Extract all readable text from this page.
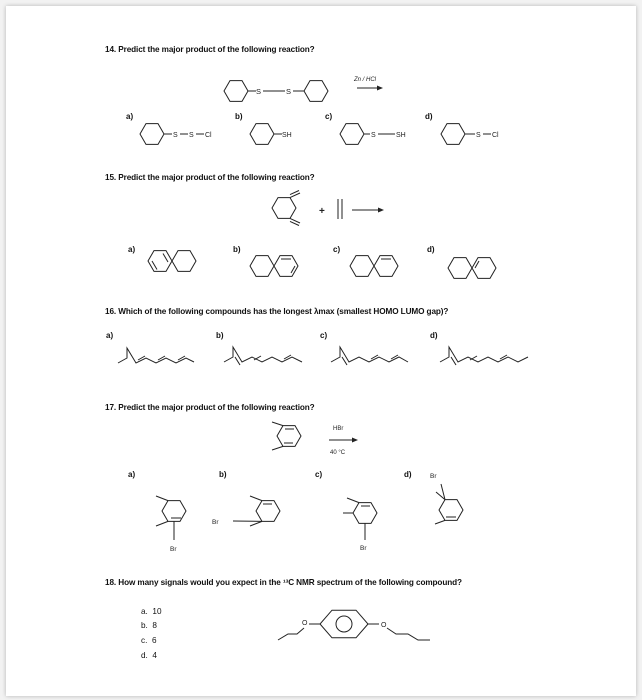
14. Predict the major product of the following reaction?
a)	b)	c)	d)
15. Predict the major product of the following reaction?
a)	b)	c)	d)
16. Which of the following compounds has the longest λmax (smallest HOMO LUMO gap)?
a)	b)	c)	d)
17. Predict the major product of the following reaction?
a)	b)	c)	d)
18. How many signals would you expect in the ¹³C NMR spectrum of the following compound?
a. 10
b. 8
c. 6
d. 4
S	S
Zn / HCl
S S Cl	SH	S	SH	S Cl
+
HBr
40 °C
Br
Br
Br
Br
O	O
